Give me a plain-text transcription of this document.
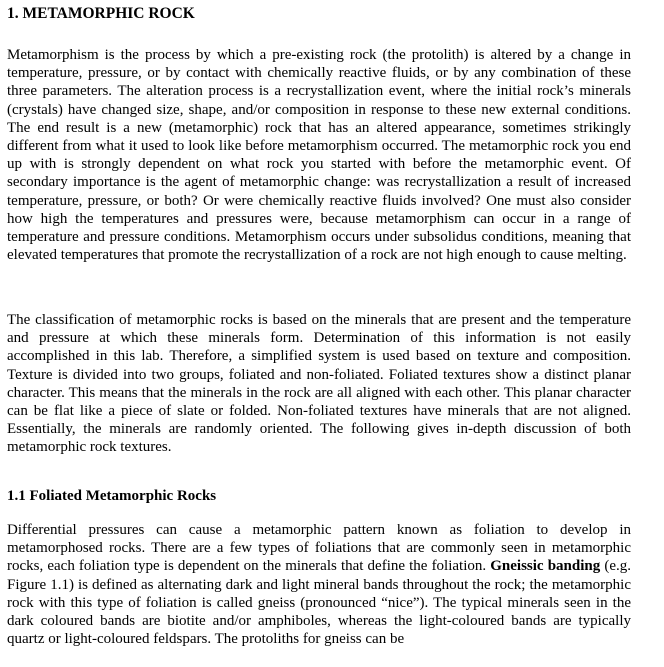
1. METAMORPHIC ROCK

Metamorphism is the process by which a pre-existing rock (the protolith) is altered by a change in temperature, pressure, or by contact with chemically reactive fluids, or by any combination of these three parameters. The alteration process is a recrystallization event, where the initial rock’s minerals (crystals) have changed size, shape, and/or composition in response to these new external conditions. The end result is a new (metamorphic) rock that has an altered appearance, sometimes strikingly different from what it used to look like before metamorphism occurred. The metamorphic rock you end up with is strongly dependent on what rock you started with before the metamorphic event. Of secondary importance is the agent of metamorphic change: was recrystallization a result of increased temperature, pressure, or both? Or were chemically reactive fluids involved? One must also consider how high the temperatures and pressures were, because metamorphism can occur in a range of temperature and pressure conditions. Metamorphism occurs under subsolidus conditions, meaning that elevated temperatures that promote the recrystallization of a rock are not high enough to cause melting.

The classification of metamorphic rocks is based on the minerals that are present and the temperature and pressure at which these minerals form. Determination of this information is not easily accomplished in this lab. Therefore, a simplified system is used based on texture and composition. Texture is divided into two groups, foliated and non-foliated. Foliated textures show a distinct planar character. This means that the minerals in the rock are all aligned with each other. This planar character can be flat like a piece of slate or folded. Non-foliated textures have minerals that are not aligned. Essentially, the minerals are randomly oriented. The following gives in-depth discussion of both metamorphic rock textures.

1.1 Foliated Metamorphic Rocks

Differential pressures can cause a metamorphic pattern known as foliation to develop in metamorphosed rocks. There are a few types of foliations that are commonly seen in metamorphic rocks, each foliation type is dependent on the minerals that define the foliation. Gneissic banding (e.g. Figure 1.1) is defined as alternating dark and light mineral bands throughout the rock; the metamorphic rock with this type of foliation is called gneiss (pronounced “nice”). The typical minerals seen in the dark coloured bands are biotite and/or amphiboles, whereas the light-coloured bands are typically quartz or light-coloured feldspars. The protoliths for gneiss can be
